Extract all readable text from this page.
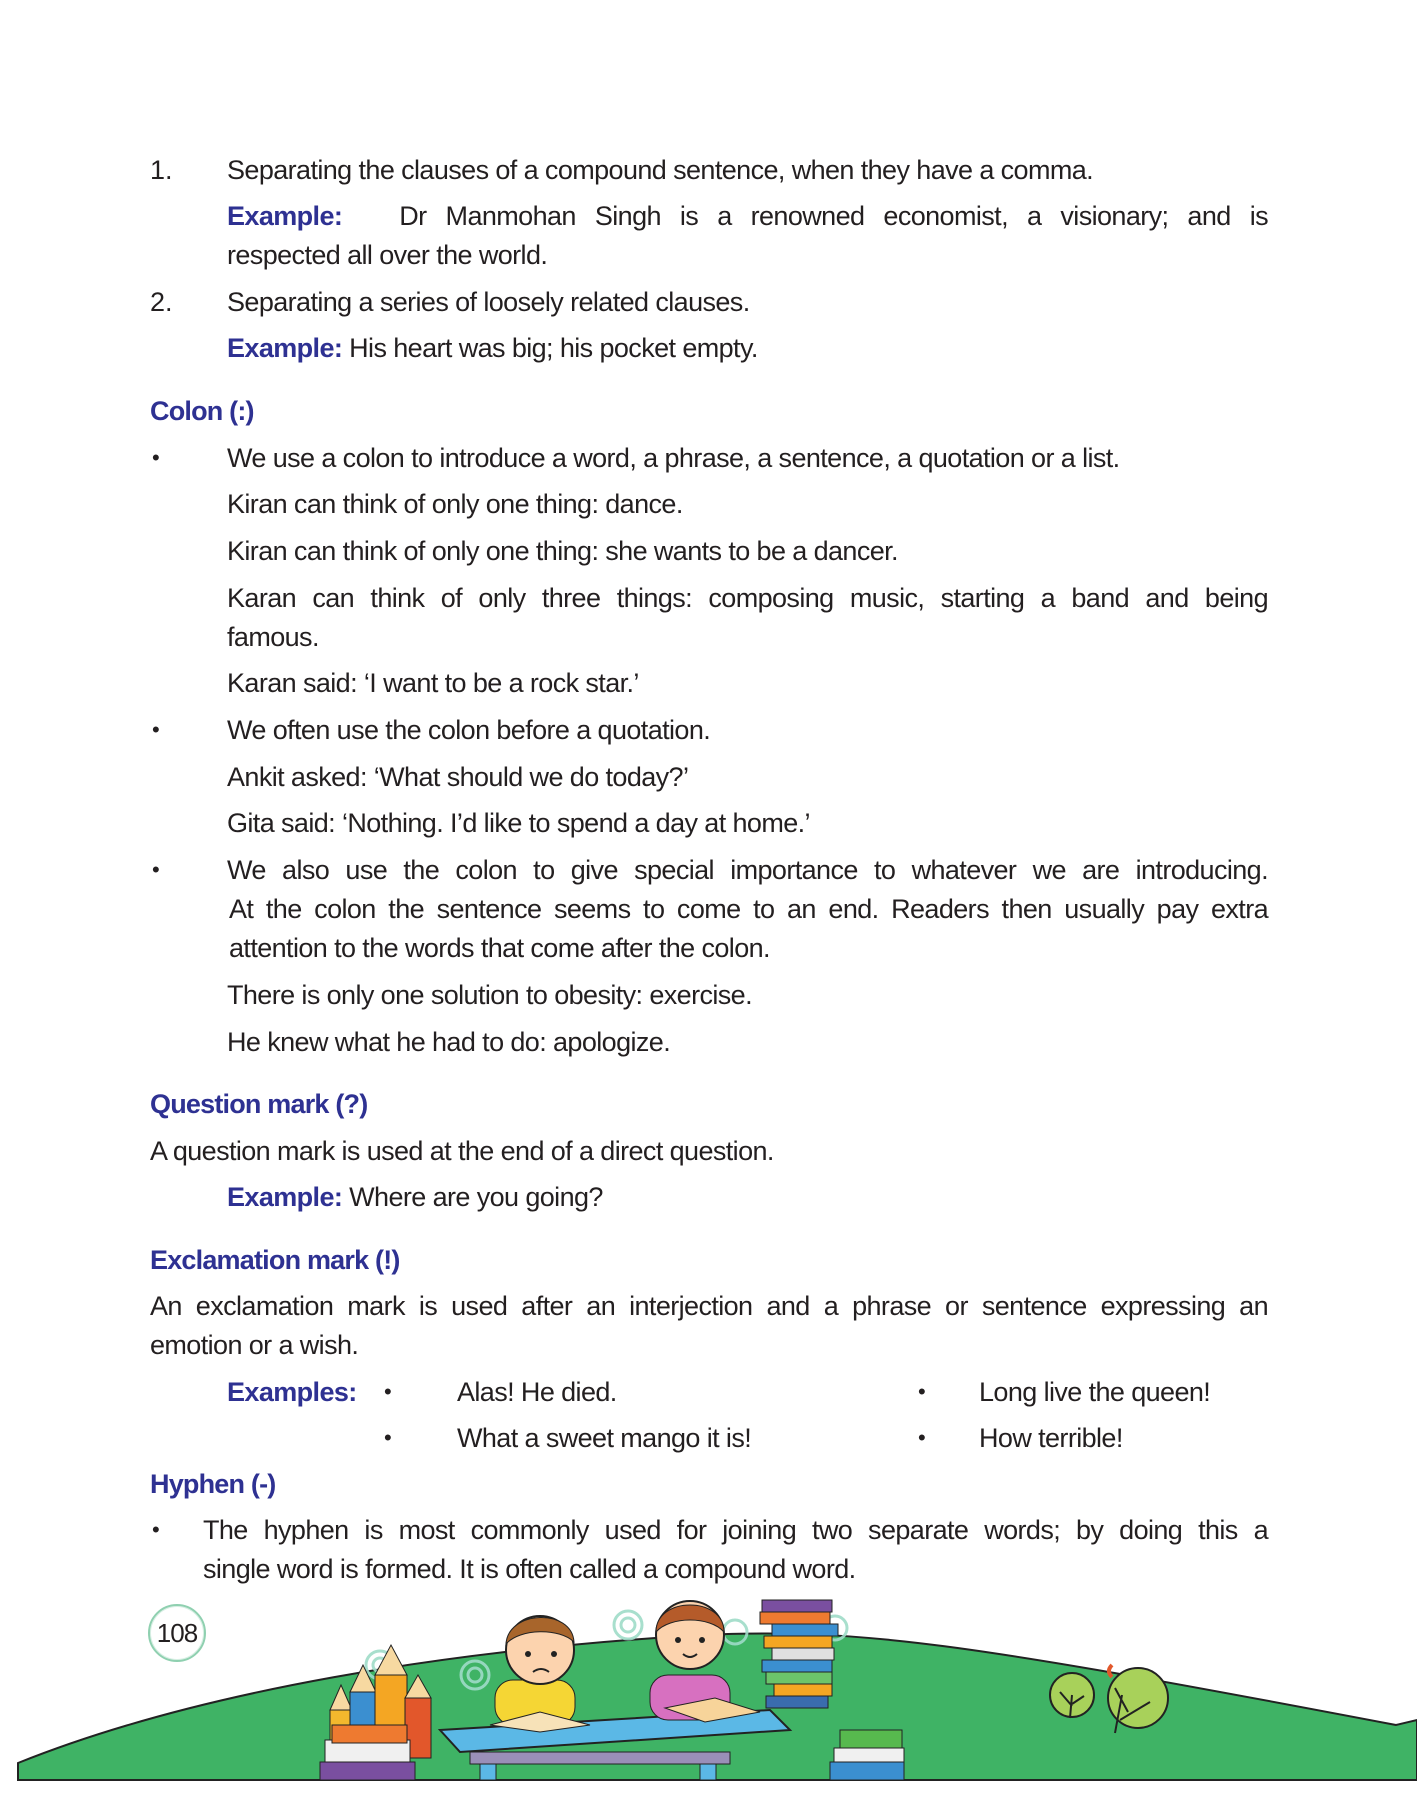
1. Separating the clauses of a compound sentence, when they have a comma.
Example: Dr Manmohan Singh is a renowned economist, a visionary; and is
respected all over the world.
2. Separating a series of loosely related clauses.
Example: His heart was big; his pocket empty.
Colon (:)
• We use a colon to introduce a word, a phrase, a sentence, a quotation or a list.
Kiran can think of only one thing: dance.
Kiran can think of only one thing: she wants to be a dancer.
Karan can think of only three things: composing music, starting a band and being
famous.
Karan said: ‘I want to be a rock star.’
• We often use the colon before a quotation.
Ankit asked: ‘What should we do today?’
Gita said: ‘Nothing. I’d like to spend a day at home.’
• We also use the colon to give special importance to whatever we are introducing.
At the colon the sentence seems to come to an end. Readers then usually pay extra
attention to the words that come after the colon.
There is only one solution to obesity: exercise.
He knew what he had to do: apologize.
Question mark (?)
A question mark is used at the end of a direct question.
Example: Where are you going?
Exclamation mark (!)
An exclamation mark is used after an interjection and a phrase or sentence expressing an
emotion or a wish.
Examples: • Alas! He died.	• Long live the queen!
• What a sweet mango it is!	• How terrible!
Hyphen (-)
• The hyphen is most commonly used for joining two separate words; by doing this a
single word is formed. It is often called a compound word.
108
